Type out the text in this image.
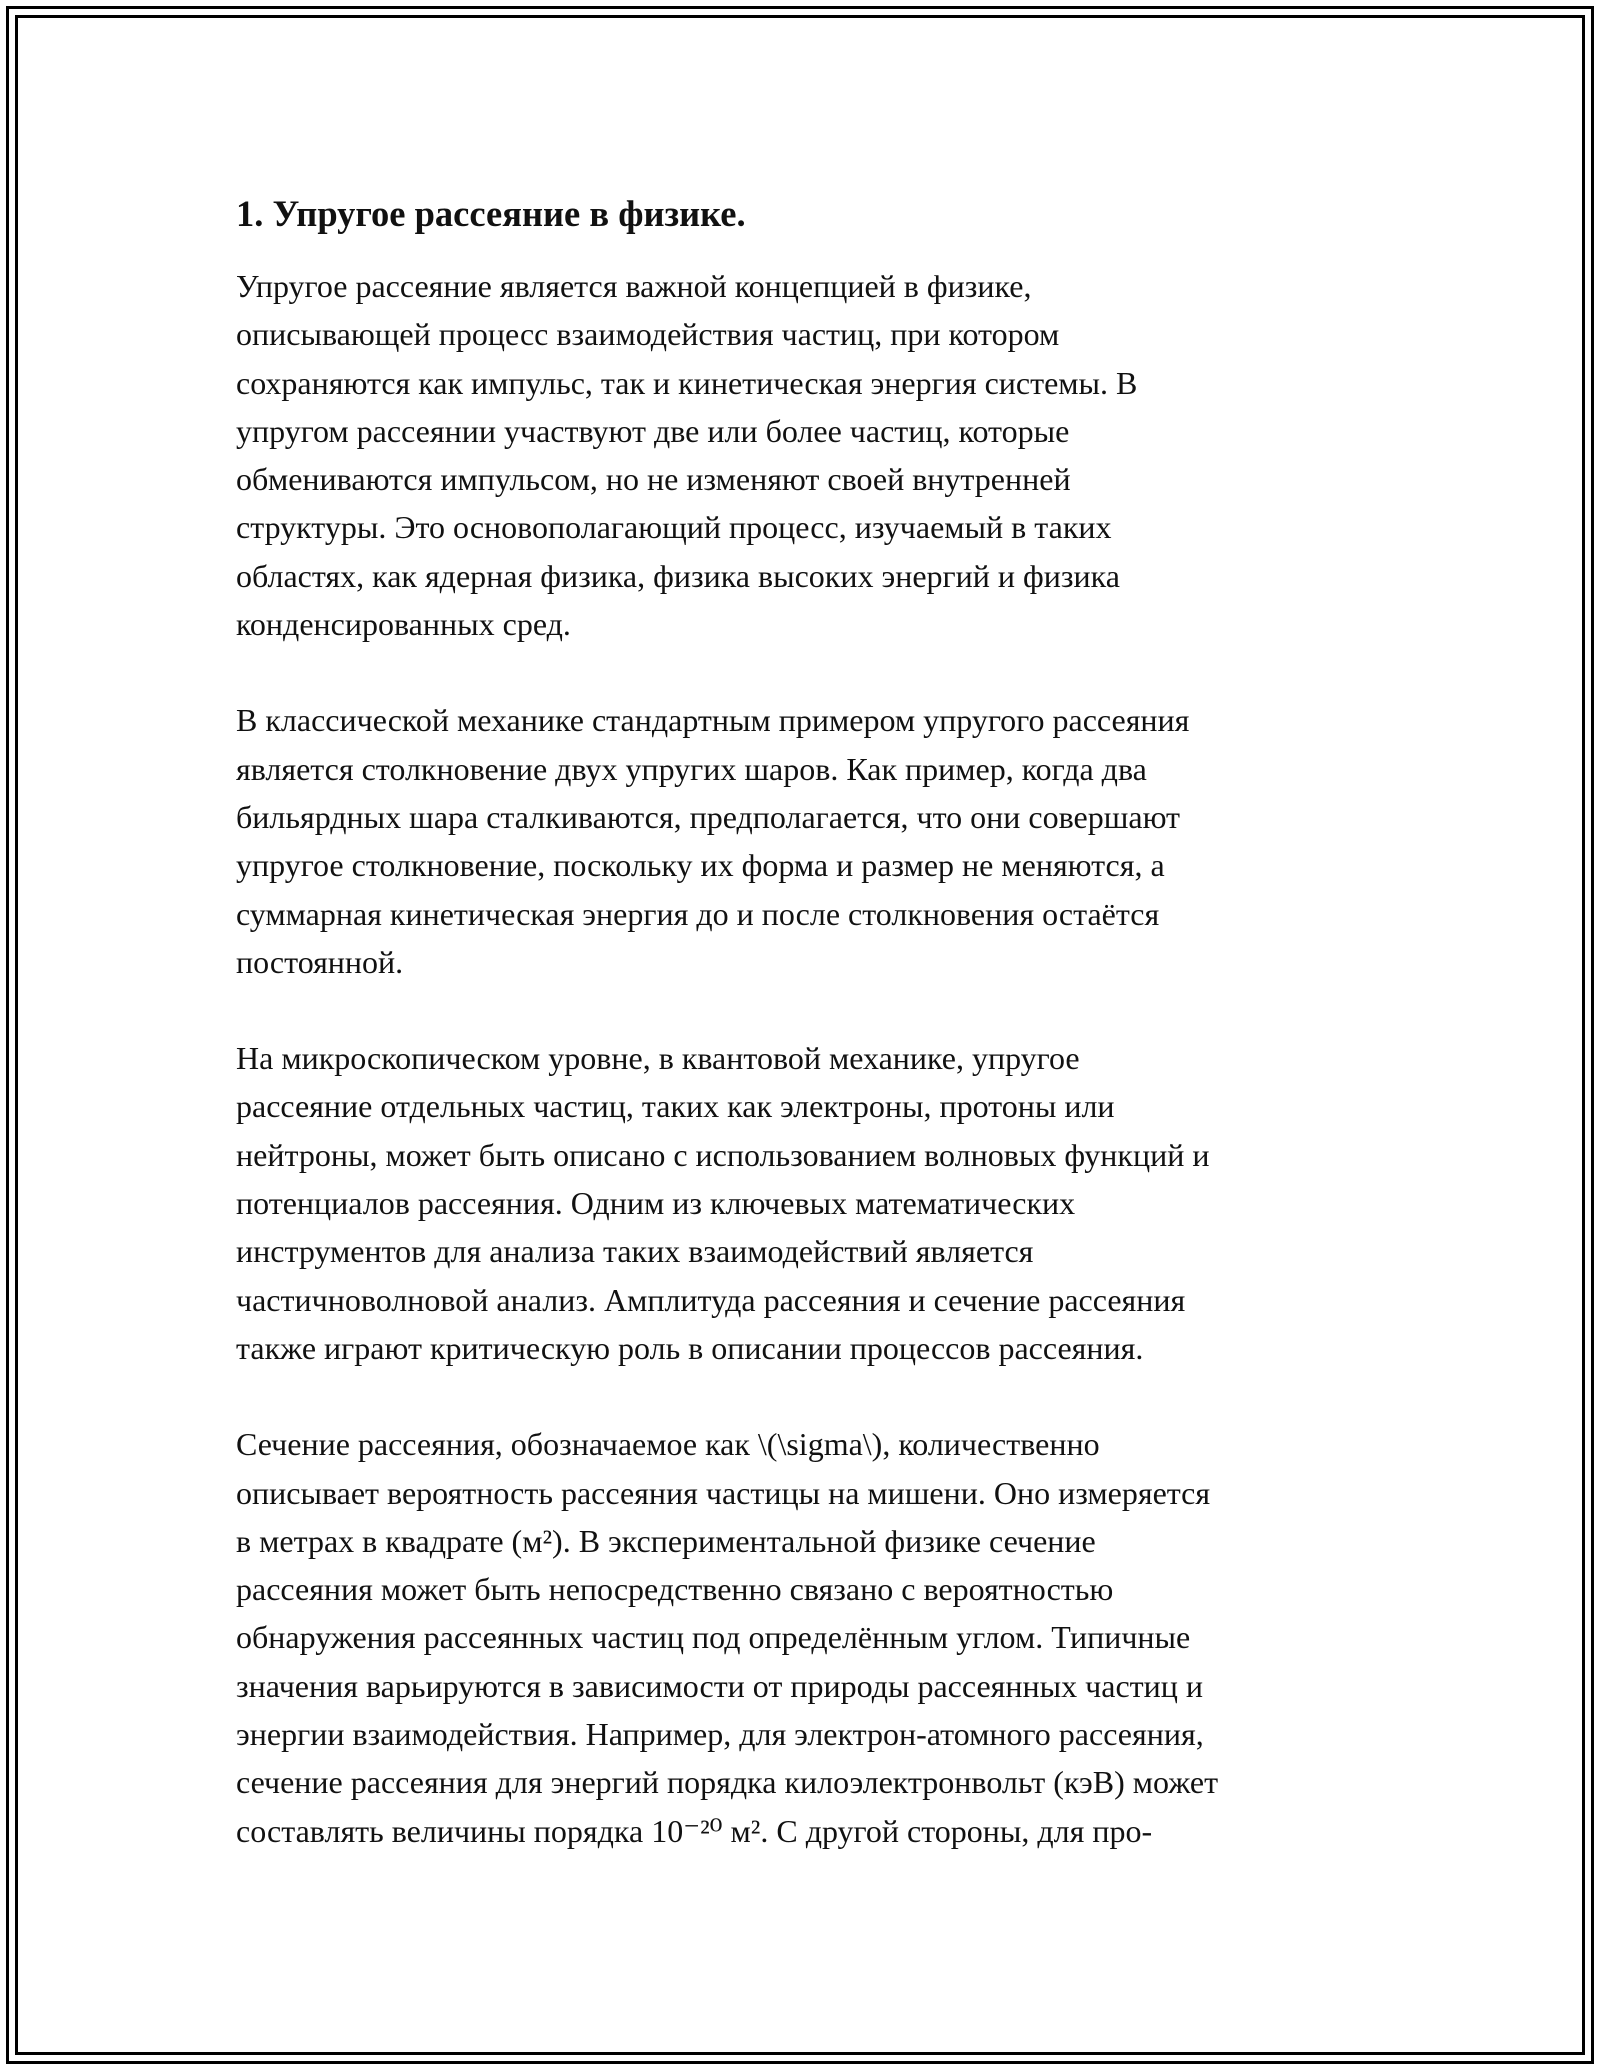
1. Упругое рассеяние в физике.

Упругое рассеяние является важной концепцией в физике,
описывающей процесс взаимодействия частиц, при котором
сохраняются как импульс, так и кинетическая энергия системы. В
упругом рассеянии участвуют две или более частиц, которые
обмениваются импульсом, но не изменяют своей внутренней
структуры. Это основополагающий процесс, изучаемый в таких
областях, как ядерная физика, физика высоких энергий и физика
конденсированных сред.

В классической механике стандартным примером упругого рассеяния
является столкновение двух упругих шаров. Как пример, когда два
бильярдных шара сталкиваются, предполагается, что они совершают
упругое столкновение, поскольку их форма и размер не меняются, а
суммарная кинетическая энергия до и после столкновения остаётся
постоянной.

На микроскопическом уровне, в квантовой механике, упругое
рассеяние отдельных частиц, таких как электроны, протоны или
нейтроны, может быть описано с использованием волновых функций и
потенциалов рассеяния. Одним из ключевых математических
инструментов для анализа таких взаимодействий является
частичноволновой анализ. Амплитуда рассеяния и сечение рассеяния
также играют критическую роль в описании процессов рассеяния.

Сечение рассеяния, обозначаемое как \(\sigma\), количественно
описывает вероятность рассеяния частицы на мишени. Оно измеряется
в метрах в квадрате (м²). В экспериментальной физике сечение
рассеяния может быть непосредственно связано с вероятностью
обнаружения рассеянных частиц под определённым углом. Типичные
значения варьируются в зависимости от природы рассеянных частиц и
энергии взаимодействия. Например, для электрон-атомного рассеяния,
сечение рассеяния для энергий порядка килоэлектронвольт (кэВ) может
составлять величины порядка 10⁻²⁰ м². С другой стороны, для про-
